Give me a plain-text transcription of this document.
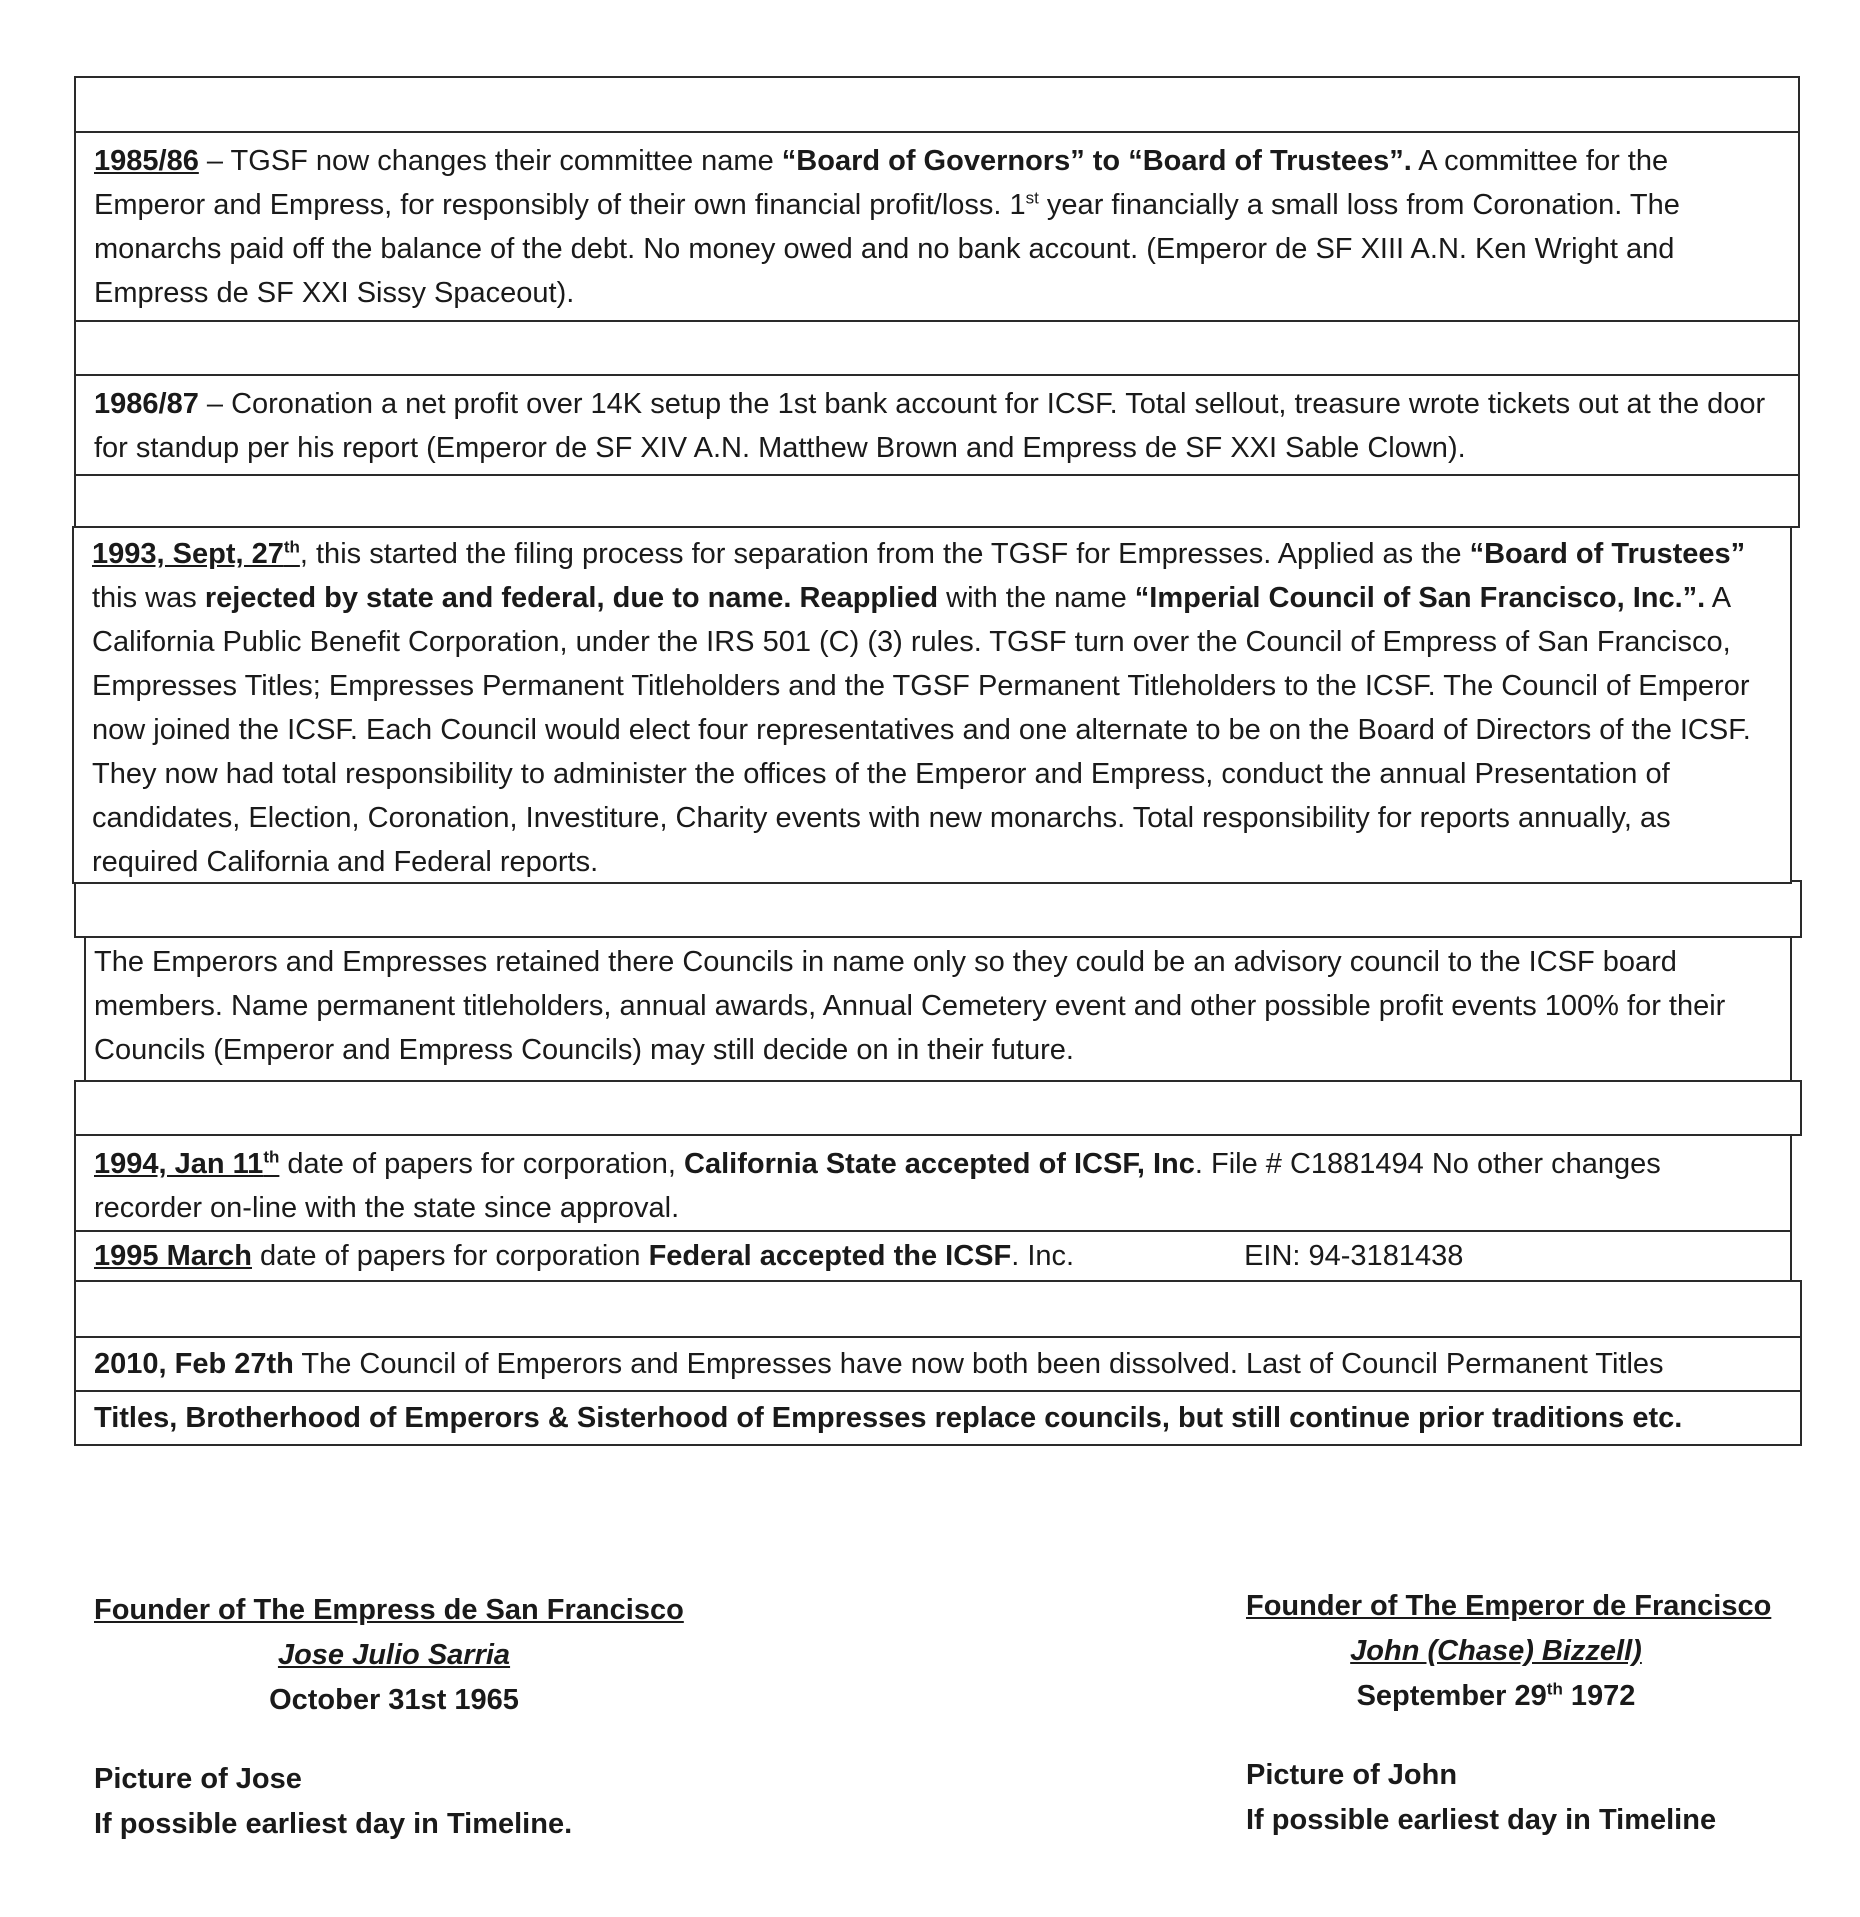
1985/86 – TGSF now changes their committee name “Board of Governors” to “Board of Trustees”. A committee for the Emperor and Empress, for responsibly of their own financial profit/loss. 1st year financially a small loss from Coronation. The monarchs paid off the balance of the debt. No money owed and no bank account. (Emperor de SF XIII A.N. Ken Wright and Empress de SF XXI Sissy Spaceout).
1986/87 – Coronation a net profit over 14K setup the 1st bank account for ICSF. Total sellout, treasure wrote tickets out at the door for standup per his report (Emperor de SF XIV A.N. Matthew Brown and Empress de SF XXI Sable Clown).
1993, Sept, 27th, this started the filing process for separation from the TGSF for Empresses. Applied as the “Board of Trustees” this was rejected by state and federal, due to name. Reapplied with the name “Imperial Council of San Francisco, Inc.”. A California Public Benefit Corporation, under the IRS 501 (C) (3) rules. TGSF turn over the Council of Empress of San Francisco, Empresses Titles; Empresses Permanent Titleholders and the TGSF Permanent Titleholders to the ICSF. The Council of Emperor now joined the ICSF. Each Council would elect four representatives and one alternate to be on the Board of Directors of the ICSF. They now had total responsibility to administer the offices of the Emperor and Empress, conduct the annual Presentation of candidates, Election, Coronation, Investiture, Charity events with new monarchs. Total responsibility for reports annually, as required California and Federal reports.
The Emperors and Empresses retained there Councils in name only so they could be an advisory council to the ICSF board members. Name permanent titleholders, annual awards, Annual Cemetery event and other possible profit events 100% for their Councils (Emperor and Empress Councils) may still decide on in their future.
1994, Jan 11th date of papers for corporation, California State accepted of ICSF, Inc. File # C1881494 No other changes recorder on-line with the state since approval.
1995 March date of papers for corporation Federal accepted the ICSF. Inc.	EIN: 94-3181438
2010, Feb 27th The Council of Emperors and Empresses have now both been dissolved. Last of Council Permanent Titles
Titles, Brotherhood of Emperors & Sisterhood of Empresses replace councils, but still continue prior traditions etc.
Founder of The Empress de San Francisco
Jose Julio Sarria
October 31st 1965
Picture of Jose
If possible earliest day in Timeline.
Founder of The Emperor de Francisco
John (Chase) Bizzell)
September 29th 1972
Picture of John
If possible earliest day in Timeline
